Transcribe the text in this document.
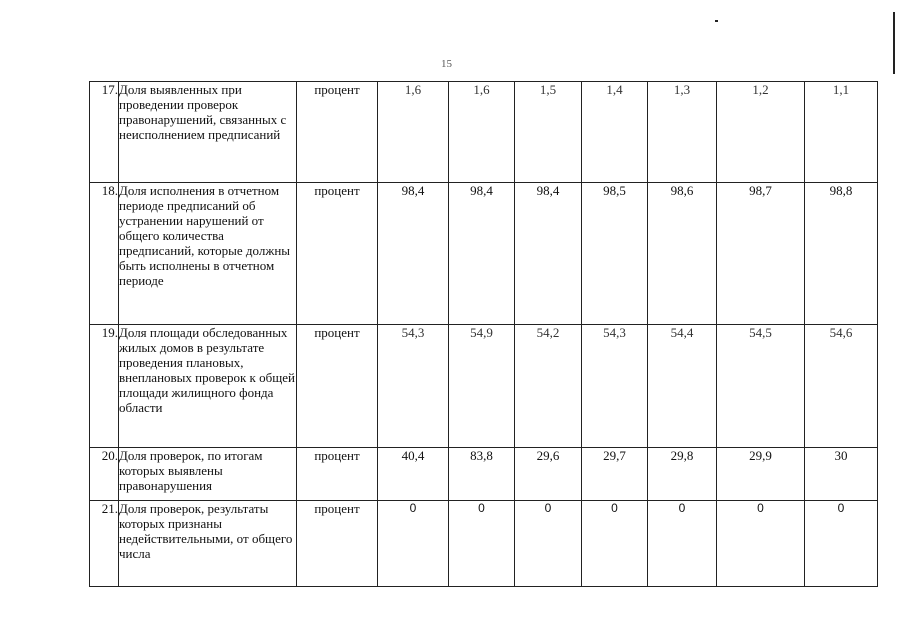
15
17.	Доля выявленных при проведении проверок правонарушений, связанных с неисполнением предписаний	процент	1,6	1,6	1,5	1,4	1,3	1,2	1,1
18.	Доля исполнения в отчетном периоде предписаний об устранении нарушений от общего количества предписаний, которые должны быть исполнены в отчетном периоде	процент	98,4	98,4	98,4	98,5	98,6	98,7	98,8
19.	Доля площади обследованных жилых домов в результате проведения плановых, внеплановых проверок к общей площади жилищного фонда области	процент	54,3	54,9	54,2	54,3	54,4	54,5	54,6
20.	Доля проверок, по итогам которых выявлены правонарушения	процент	40,4	83,8	29,6	29,7	29,8	29,9	30
21.	Доля проверок, результаты которых признаны недействительными, от общего числа	процент	0	0	0	0	0	0	0
